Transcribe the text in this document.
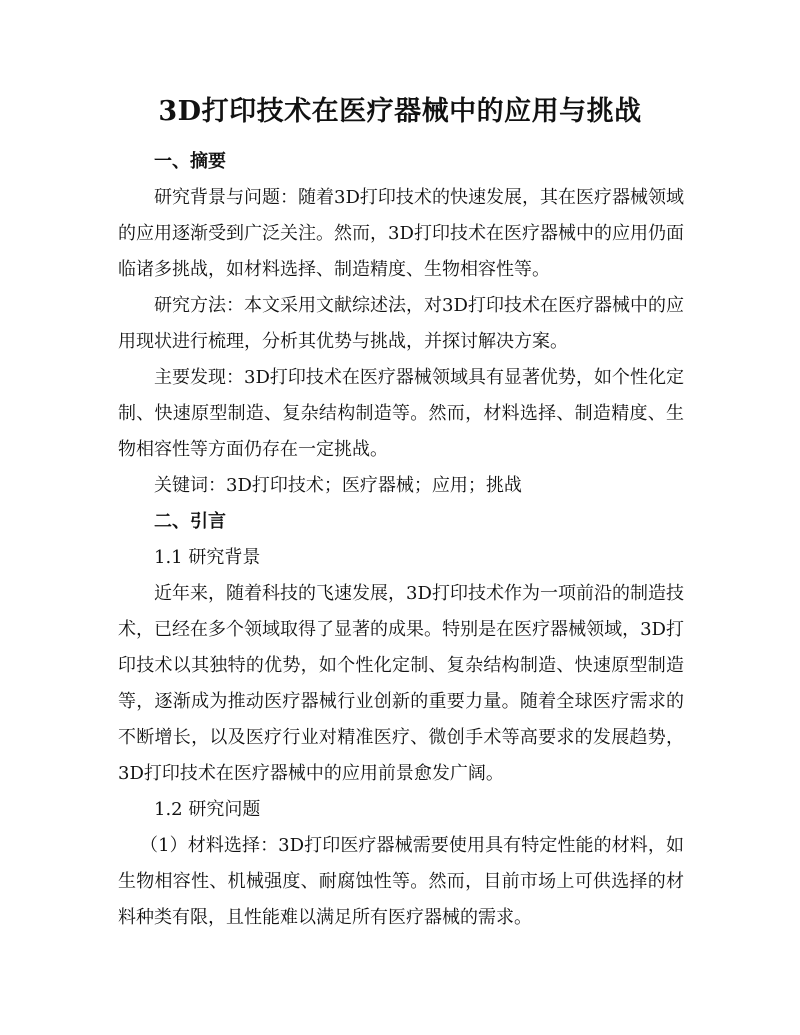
3D打印技术在医疗器械中的应用与挑战

一、摘要

研究背景与问题：随着3D打印技术的快速发展，其在医疗器械领域的应用逐渐受到广泛关注。然而，3D打印技术在医疗器械中的应用仍面临诸多挑战，如材料选择、制造精度、生物相容性等。

研究方法：本文采用文献综述法，对3D打印技术在医疗器械中的应用现状进行梳理，分析其优势与挑战，并探讨解决方案。

主要发现：3D打印技术在医疗器械领域具有显著优势，如个性化定制、快速原型制造、复杂结构制造等。然而，材料选择、制造精度、生物相容性等方面仍存在一定挑战。

关键词：3D打印技术；医疗器械；应用；挑战

二、引言

1.1 研究背景

近年来，随着科技的飞速发展，3D打印技术作为一项前沿的制造技术，已经在多个领域取得了显著的成果。特别是在医疗器械领域，3D打印技术以其独特的优势，如个性化定制、复杂结构制造、快速原型制造等，逐渐成为推动医疗器械行业创新的重要力量。随着全球医疗需求的不断增长，以及医疗行业对精准医疗、微创手术等高要求的发展趋势，3D打印技术在医疗器械中的应用前景愈发广阔。

1.2 研究问题

（1）材料选择：3D打印医疗器械需要使用具有特定性能的材料，如生物相容性、机械强度、耐腐蚀性等。然而，目前市场上可供选择的材料种类有限，且性能难以满足所有医疗器械的需求。
